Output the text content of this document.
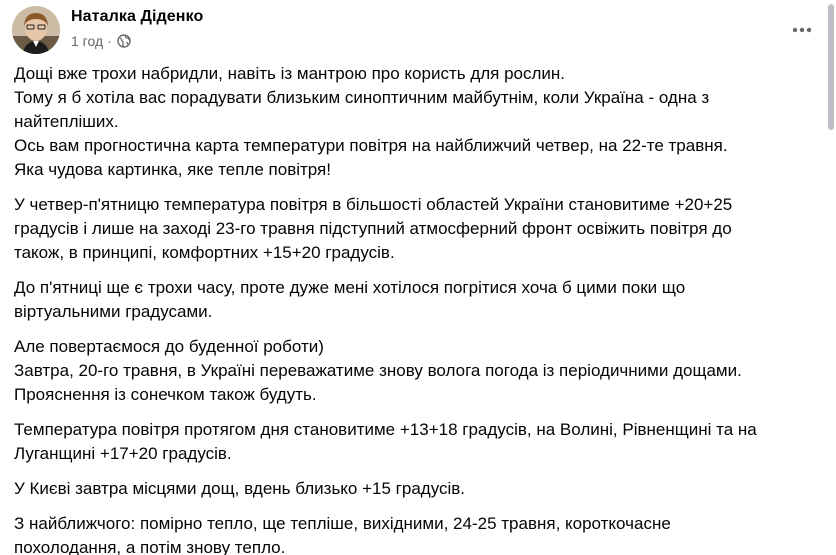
Наталка Діденко
1 год ·
Дощі вже трохи набридли, навіть із мантрою про користь для рослин.
Тому я б хотіла вас порадувати близьким синоптичним майбутнім, коли Україна - одна з
найтепліших.
Ось вам прогностична карта температури повітря на найближчий четвер, на 22-те травня.
Яка чудова картинка, яке тепле повітря!
У четвер-п'ятницю температура повітря в більшості областей України становитиме +20+25
градусів і лише на заході 23-го травня підступний атмосферний фронт освіжить повітря до
також, в принципі, комфортних +15+20 градусів.
До п'ятниці ще є трохи часу, проте дуже мені хотілося погрітися хоча б цими поки що
віртуальними градусами.
Але повертаємося до буденної роботи)
Завтра, 20-го травня, в Україні переважатиме знову волога погода із періодичними дощами.
Прояснення із сонечком також будуть.
Температура повітря протягом дня становитиме +13+18 градусів, на Волині, Рівненщині та на
Луганщині +17+20 градусів.
У Києві завтра місцями дощ, вдень близько +15 градусів.
З найближчого: помірно тепло, ще тепліше, вихідними, 24-25 травня, короткочасне
похолодання, а потім знову тепло.
